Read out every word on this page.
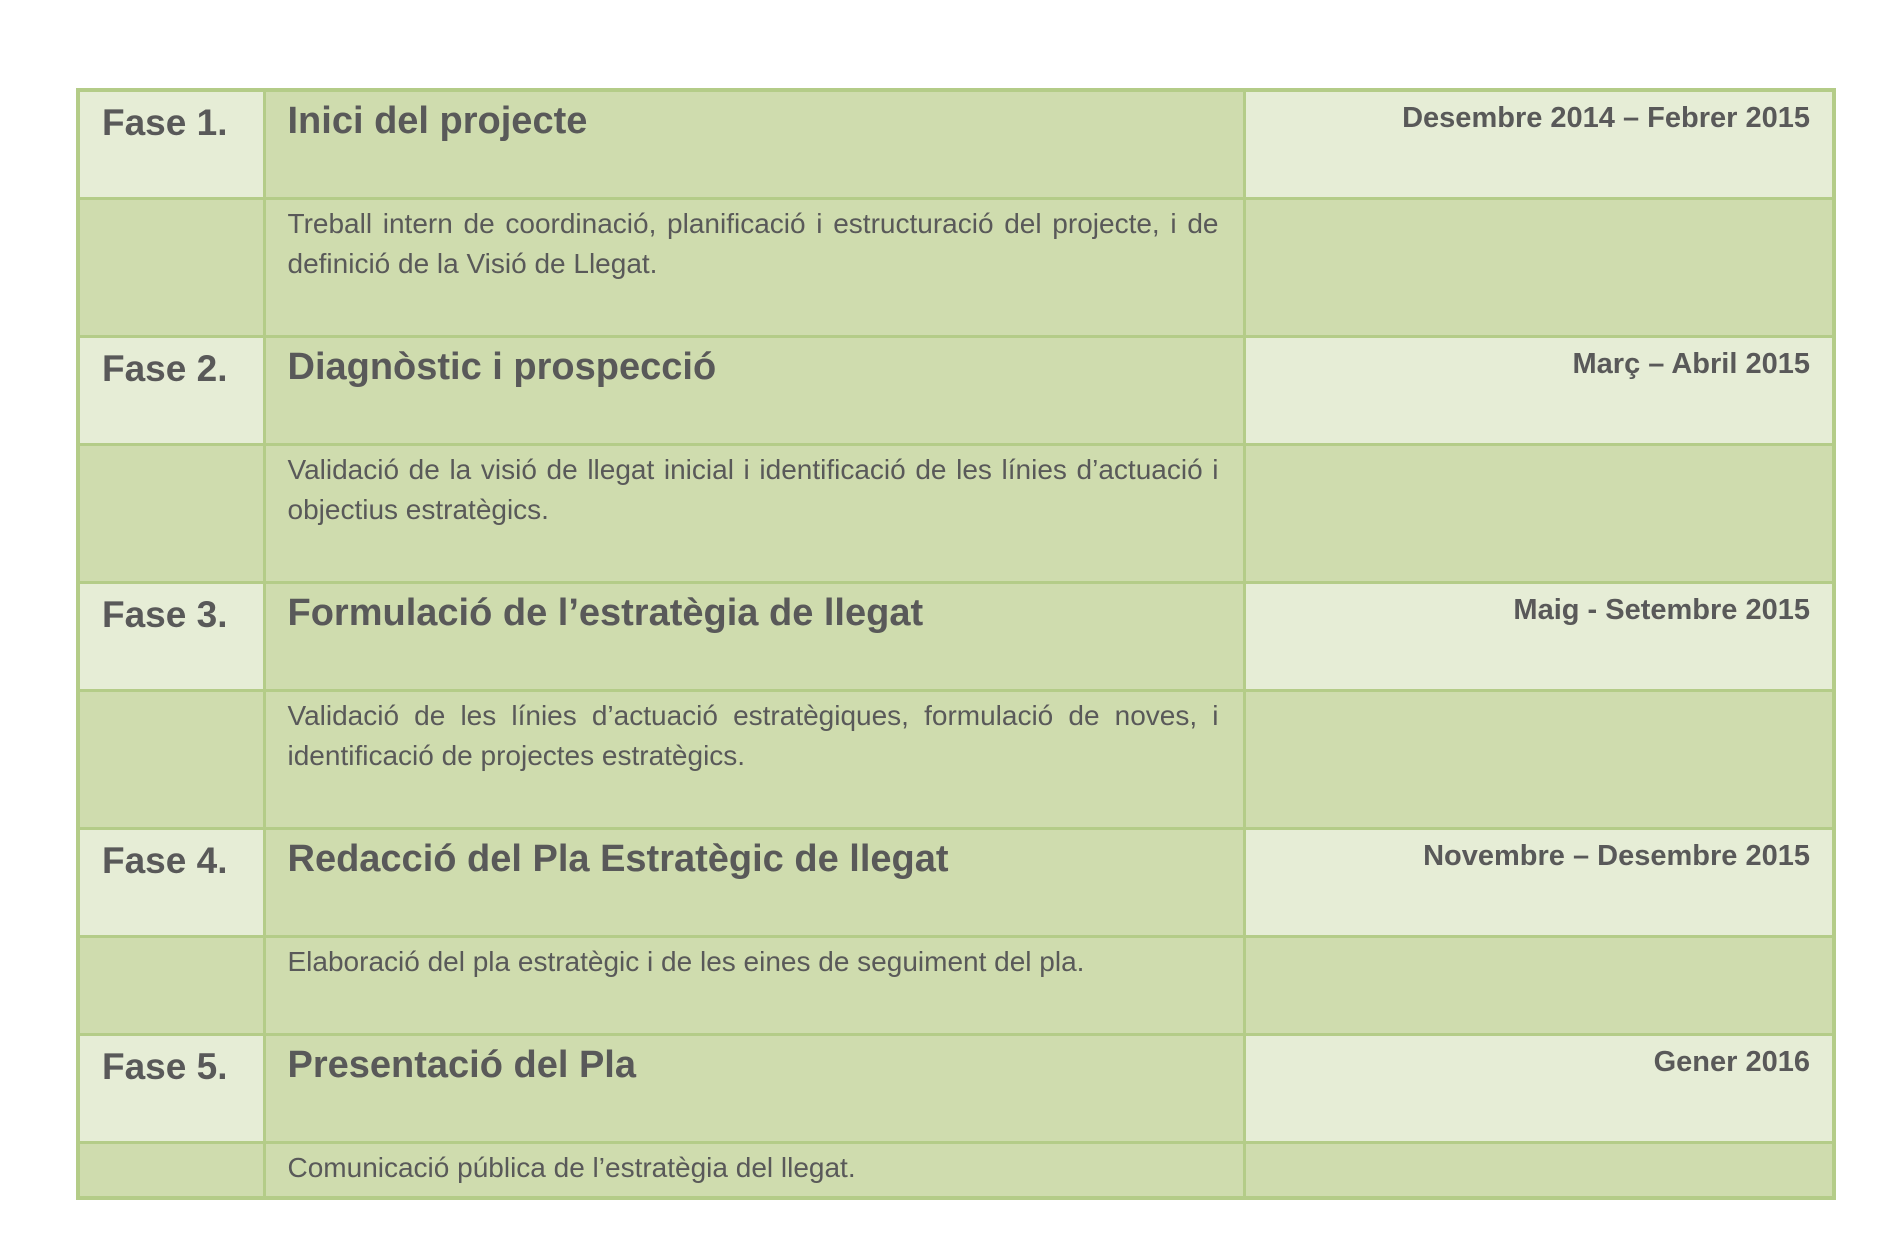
Fase 1.	Inici del projecte	Desembre 2014 – Febrer 2015

	Treball intern de coordinació, planificació i estructuració del projecte, i de definició de la Visió de Llegat.	

Fase 2.	Diagnòstic i prospecció	Març – Abril 2015

	Validació de la visió de llegat inicial i identificació de les línies d’actuació i objectius estratègics.	

Fase 3.	Formulació de l’estratègia de llegat	Maig - Setembre 2015

	Validació de les línies d’actuació estratègiques, formulació de noves, i identificació de projectes estratègics.	

Fase 4.	Redacció del Pla Estratègic de llegat	Novembre – Desembre 2015

	Elaboració del pla estratègic i de les eines de seguiment del pla.	

Fase 5.	Presentació del Pla	Gener 2016

	Comunicació pública de l’estratègia del llegat.	
